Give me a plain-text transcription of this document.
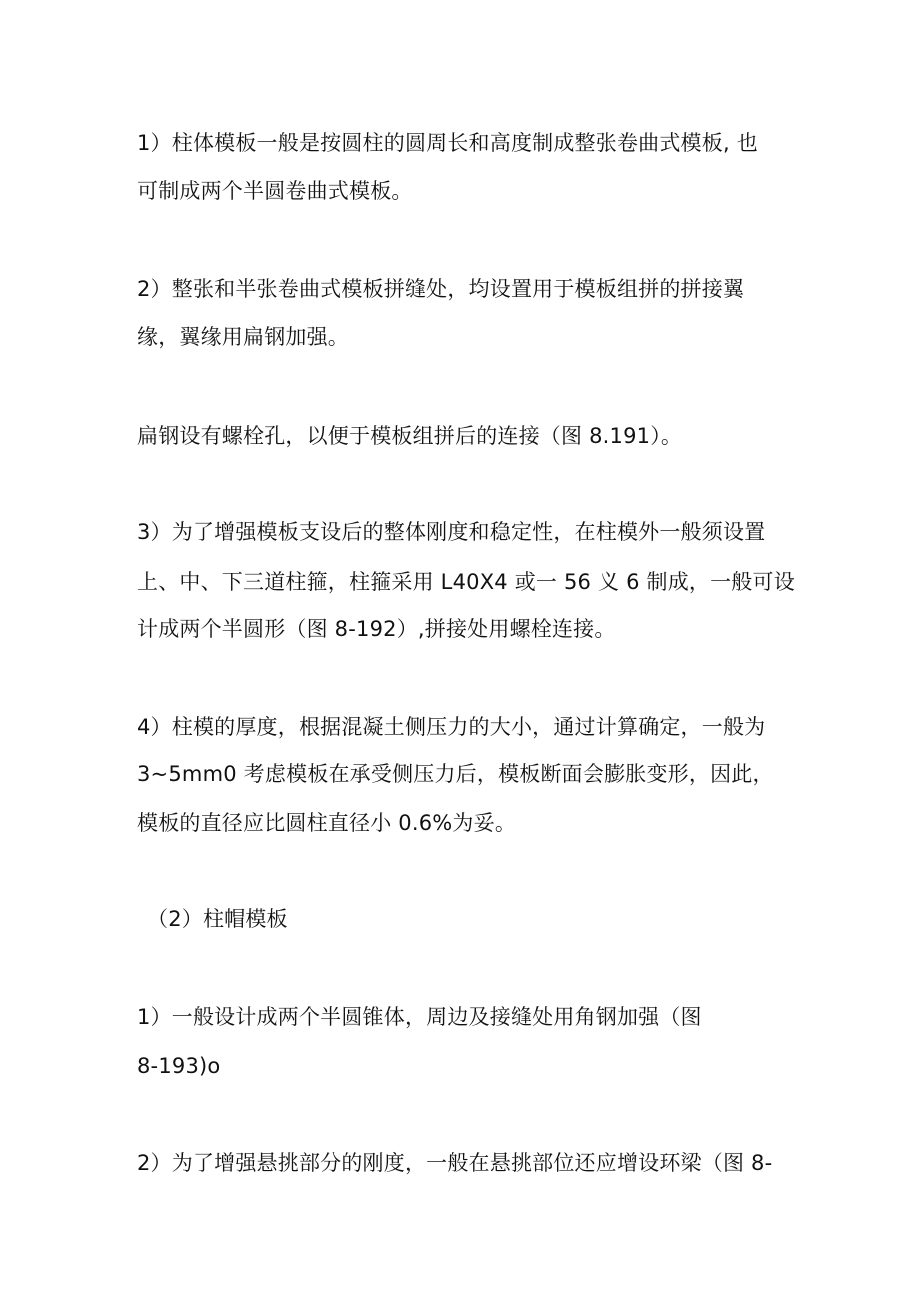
1）柱体模板一般是按圆柱的圆周长和高度制成整张卷曲式模板, 也

可制成两个半圆卷曲式模板。

2）整张和半张卷曲式模板拼缝处，均设置用于模板组拼的拼接翼

缘，翼缘用扁钢加强。

扁钢设有螺栓孔，以便于模板组拼后的连接（图 8.191）。

3）为了增强模板支设后的整体刚度和稳定性，在柱模外一般须设置

上、中、下三道柱箍，柱箍采用 L40X4 或一 56 义 6 制成，一般可设

计成两个半圆形（图 8-192）,拼接处用螺栓连接。

4）柱模的厚度，根据混凝土侧压力的大小，通过计算确定，一般为

3~5mm0 考虑模板在承受侧压力后，模板断面会膨胀变形，因此，

模板的直径应比圆柱直径小 0.6%为妥。

（2）柱帽模板

1）一般设计成两个半圆锥体，周边及接缝处用角钢加强（图

8-193)o

2）为了增强悬挑部分的刚度，一般在悬挑部位还应增设环梁（图 8-
